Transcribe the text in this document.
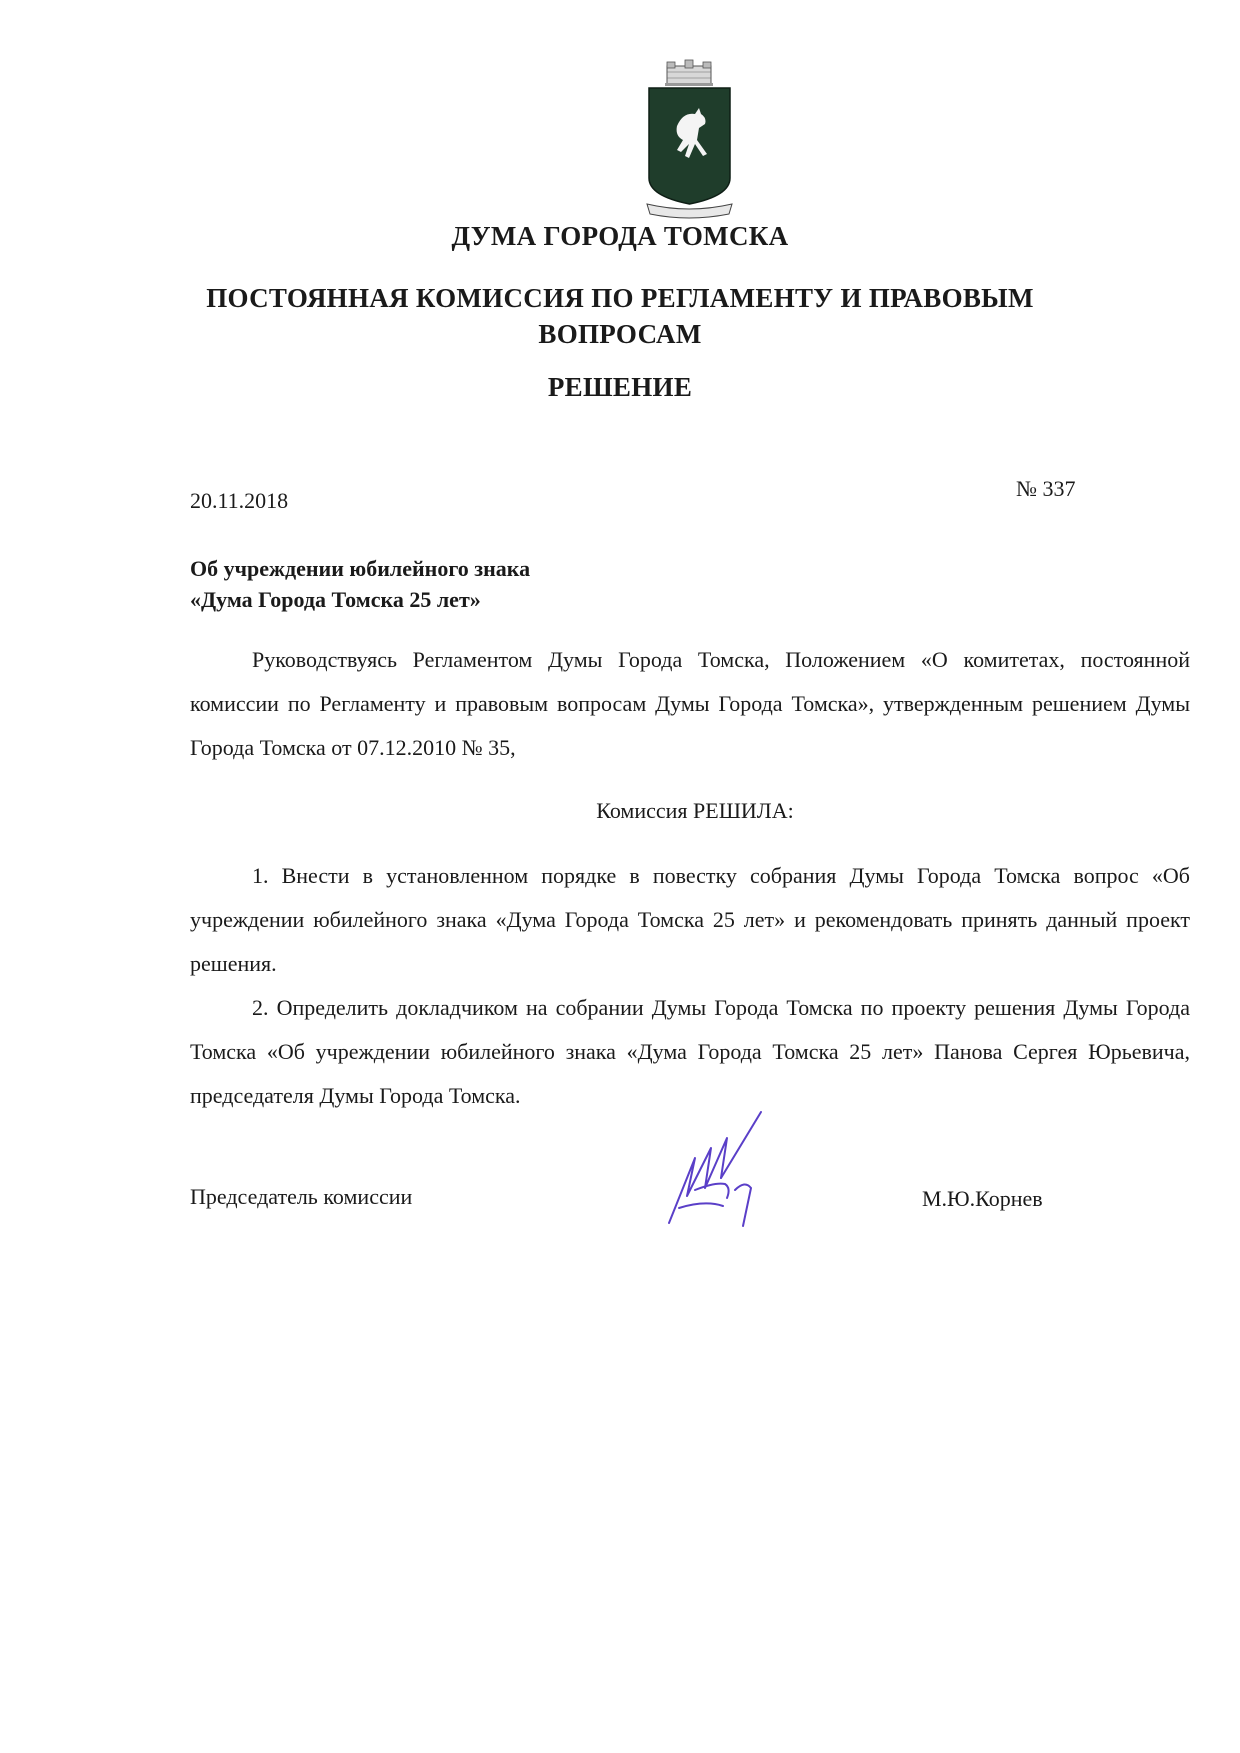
ДУМА ГОРОДА ТОМСКА
ПОСТОЯННАЯ КОМИССИЯ ПО РЕГЛАМЕНТУ И ПРАВОВЫМ
ВОПРОСАМ
РЕШЕНИЕ
20.11.2018	№ 337
Об учреждении юбилейного знака
«Дума Города Томска 25 лет»

Руководствуясь Регламентом Думы Города Томска, Положением «О комитетах, постоянной комиссии по Регламенту и правовым вопросам Думы Города Томска», утвержденным решением Думы Города Томска от 07.12.2010 № 35,

Комиссия РЕШИЛА:

1. Внести в установленном порядке в повестку собрания Думы Города Томска вопрос «Об учреждении юбилейного знака «Дума Города Томска 25 лет» и рекомендовать принять данный проект решения.

2. Определить докладчиком на собрании Думы Города Томска по проекту решения Думы Города Томска «Об учреждении юбилейного знака «Дума Города Томска 25 лет» Панова Сергея Юрьевича, председателя Думы Города Томска.

Председатель комиссии	М.Ю.Корнев
